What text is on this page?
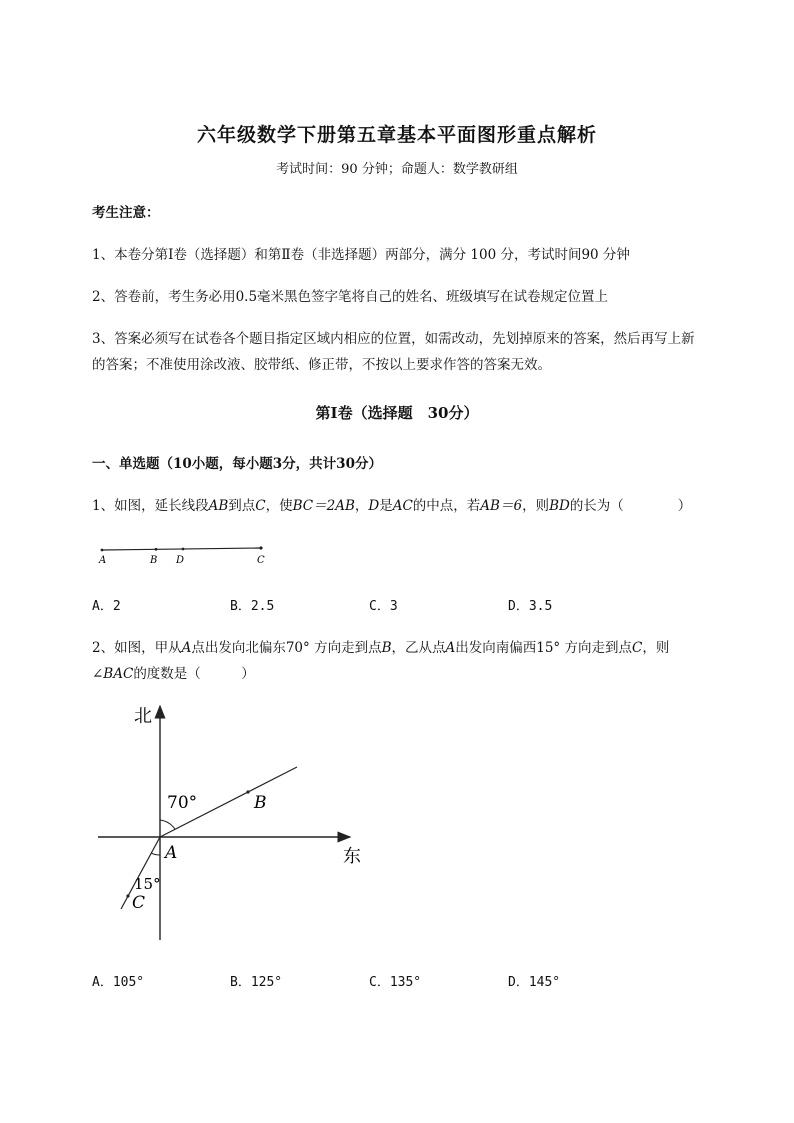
六年级数学下册第五章基本平面图形重点解析
考试时间：90 分钟；命题人：数学教研组
考生注意：
1、本卷分第Ⅰ卷（选择题）和第Ⅱ卷（非选择题）两部分，满分 100 分，考试时间90 分钟
2、答卷前，考生务必用0.5毫米黑色签字笔将自己的姓名、班级填写在试卷规定位置上
3、答案必须写在试卷各个题目指定区域内相应的位置，如需改动，先划掉原来的答案，然后再写上新
的答案；不准使用涂改液、胶带纸、修正带，不按以上要求作答的答案无效。
第Ⅰ卷（选择题　30分）
一、单选题（10小题，每小题3分，共计30分）
1、如图，延长线段AB到点C，使BC＝2AB，D是AC的中点，若AB＝6，则BD的长为（　　　　）
A	B D	C
A．2	B．2.5	C．3	D．3.5
2、如图，甲从A点出发向北偏东70° 方向走到点B，乙从点A出发向南偏西15° 方向走到点C，则
∠BAC的度数是（　　　）
北
东
A
B
C
70°
15°
A．105°	B．125°	C．135°	D．145°
